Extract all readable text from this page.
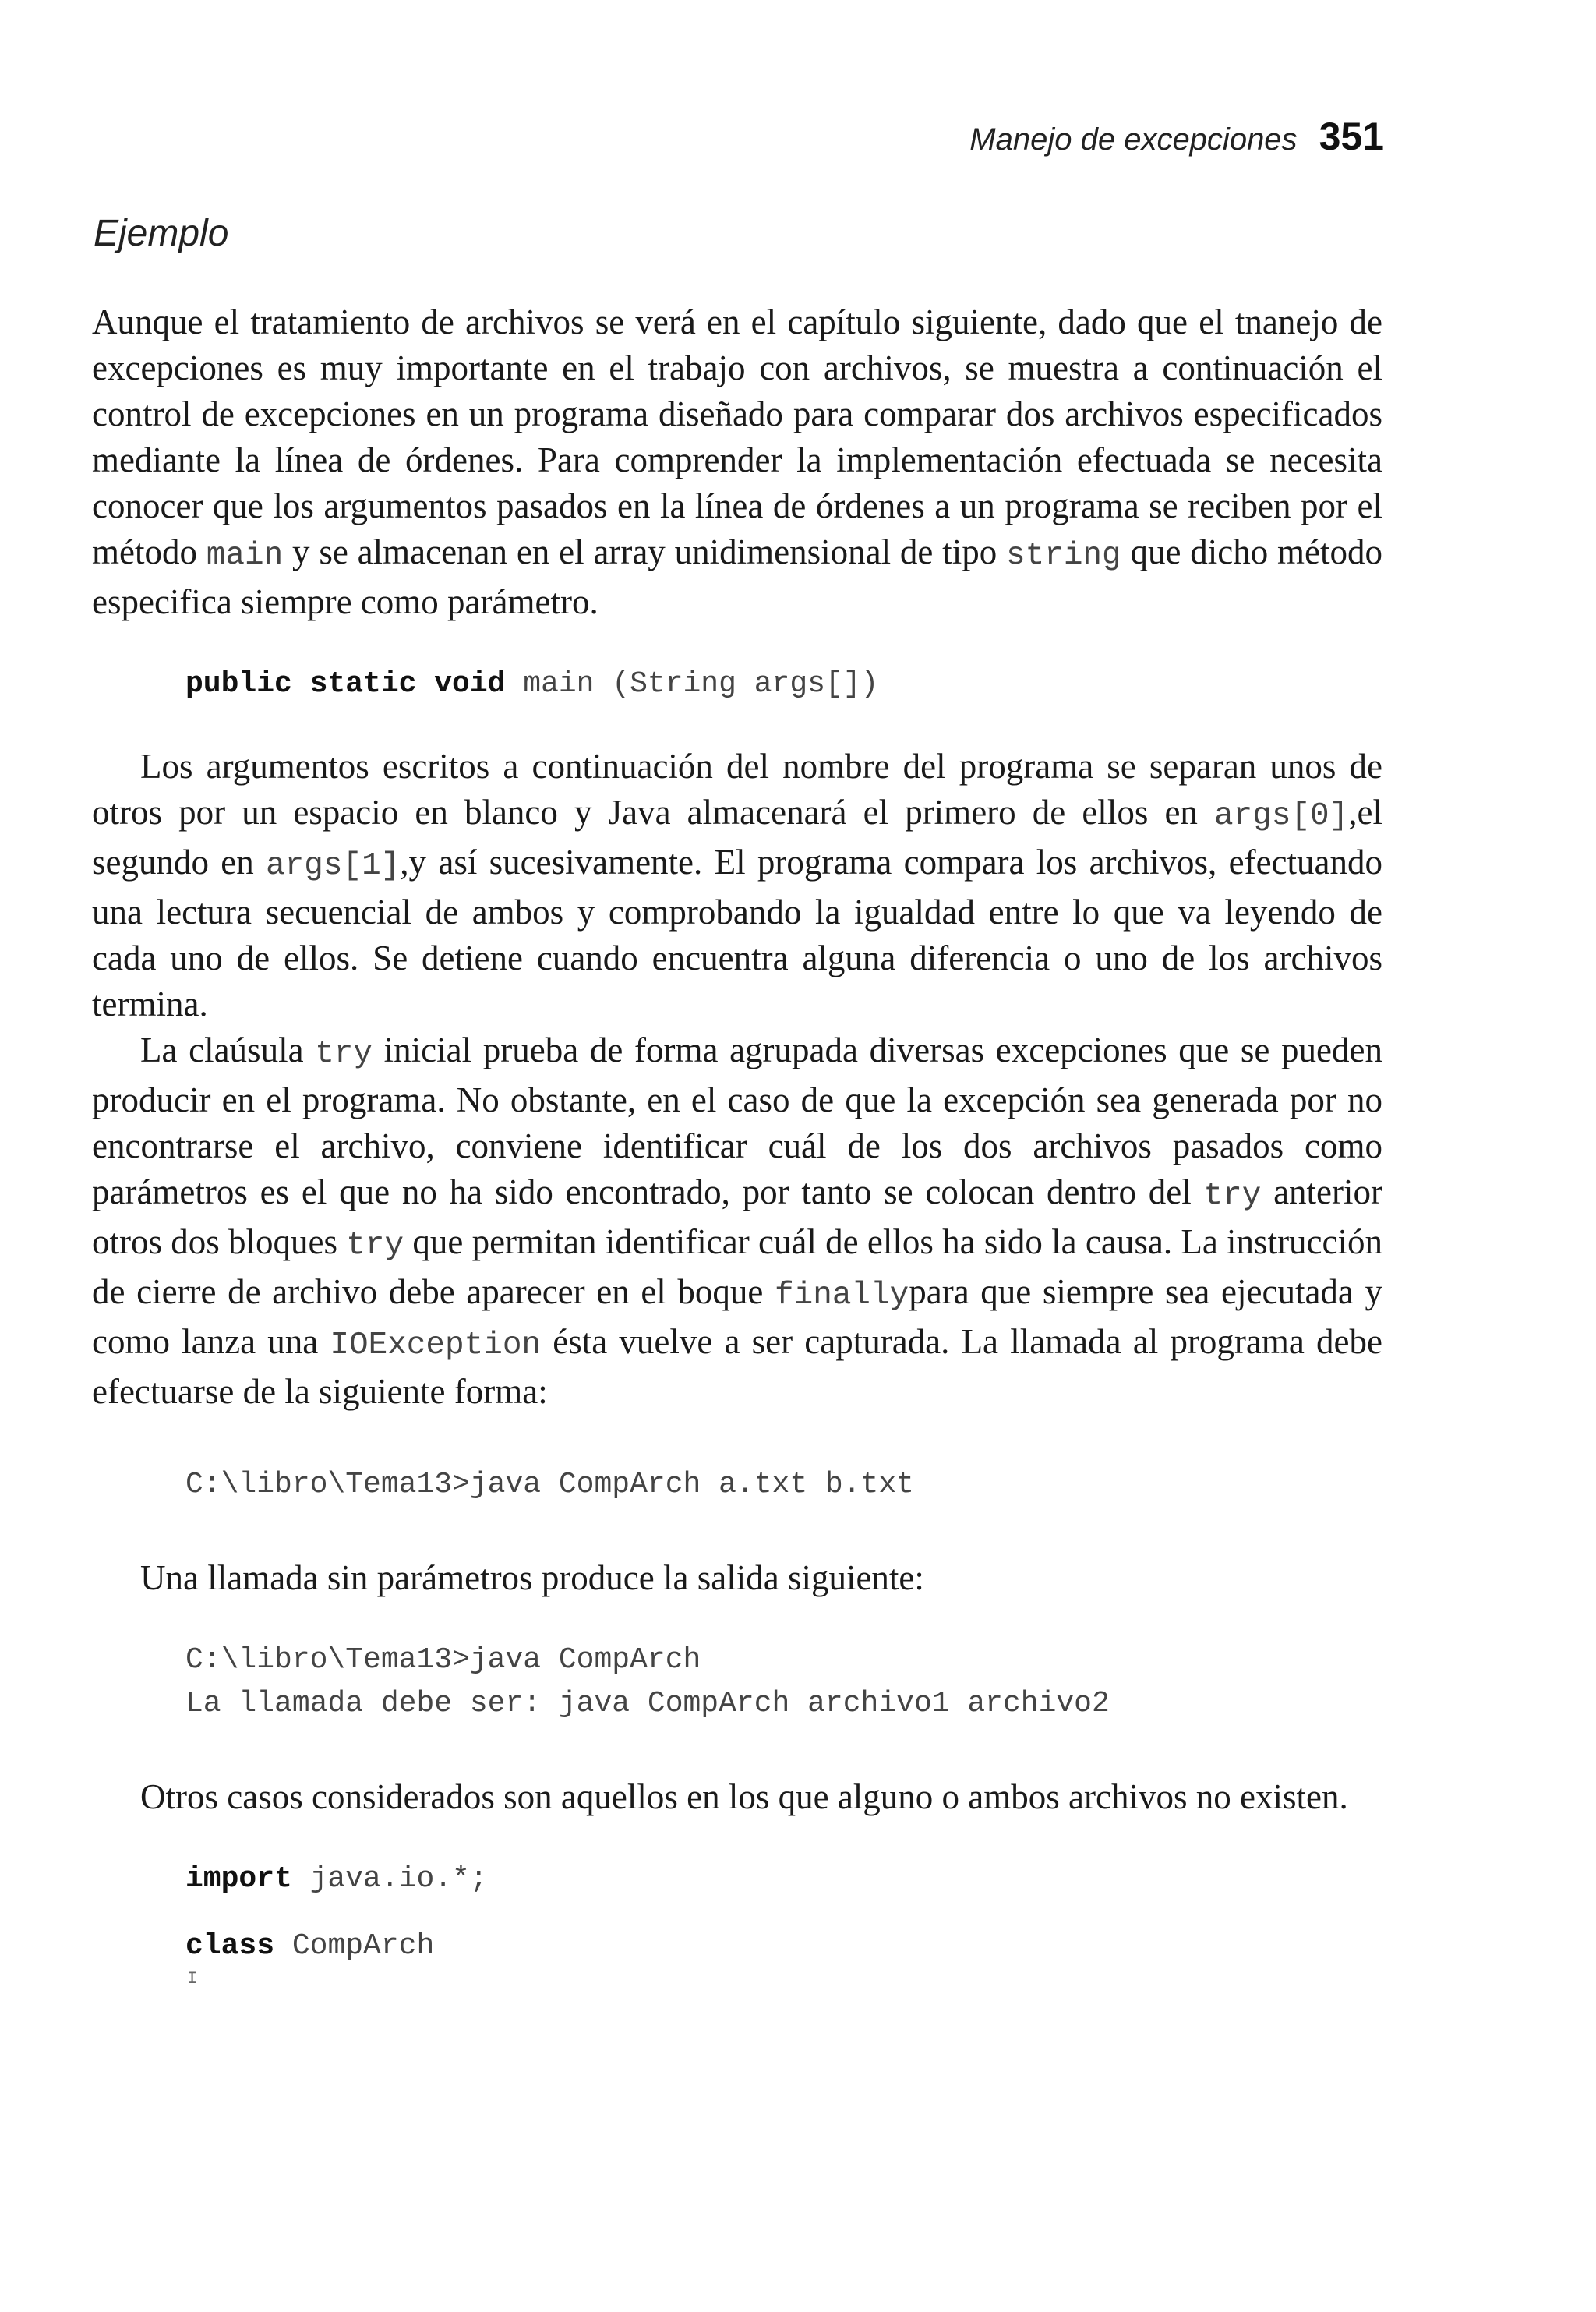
Manejo de excepciones 351
Ejemplo

Aunque el tratamiento de archivos se verá en el capítulo siguiente, dado que el tnanejo de excepciones es muy importante en el trabajo con archivos, se muestra a continuación el control de excepciones en un programa diseñado para comparar dos archivos especificados mediante la línea de órdenes. Para comprender la implementación efectuada se necesita conocer que los argumentos pasados en la línea de órdenes a un programa se reciben por el método main y se almacenan en el array unidimensional de tipo string que dicho método especifica siempre como parámetro.

public static void main (String args[])

Los argumentos escritos a continuación del nombre del programa se separan unos de otros por un espacio en blanco y Java almacenará el primero de ellos en args[0],el segundo en args[1],y así sucesivamente. El programa compara los archivos, efectuando una lectura secuencial de ambos y comprobando la igualdad entre lo que va leyendo de cada uno de ellos. Se detiene cuando encuentra alguna diferencia o uno de los archivos termina.

La claúsula try inicial prueba de forma agrupada diversas excepciones que se pueden producir en el programa. No obstante, en el caso de que la excepción sea generada por no encontrarse el archivo, conviene identificar cuál de los dos archivos pasados como parámetros es el que no ha sido encontrado, por tanto se colocan dentro del try anterior otros dos bloques try que permitan identificar cuál de ellos ha sido la causa. La instrucción de cierre de archivo debe aparecer en el boque finallypara que siempre sea ejecutada y como lanza una IOException ésta vuelve a ser capturada. La llamada al programa debe efectuarse de la siguiente forma:

C:\libro\Tema13>java CompArch a.txt b.txt

Una llamada sin parámetros produce la salida siguiente:

C:\libro\Tema13>java CompArch
La llamada debe ser: java CompArch archivo1 archivo2

Otros casos considerados son aquellos en los que alguno o ambos archivos no existen.

import java.io.*;
class CompArch
I
